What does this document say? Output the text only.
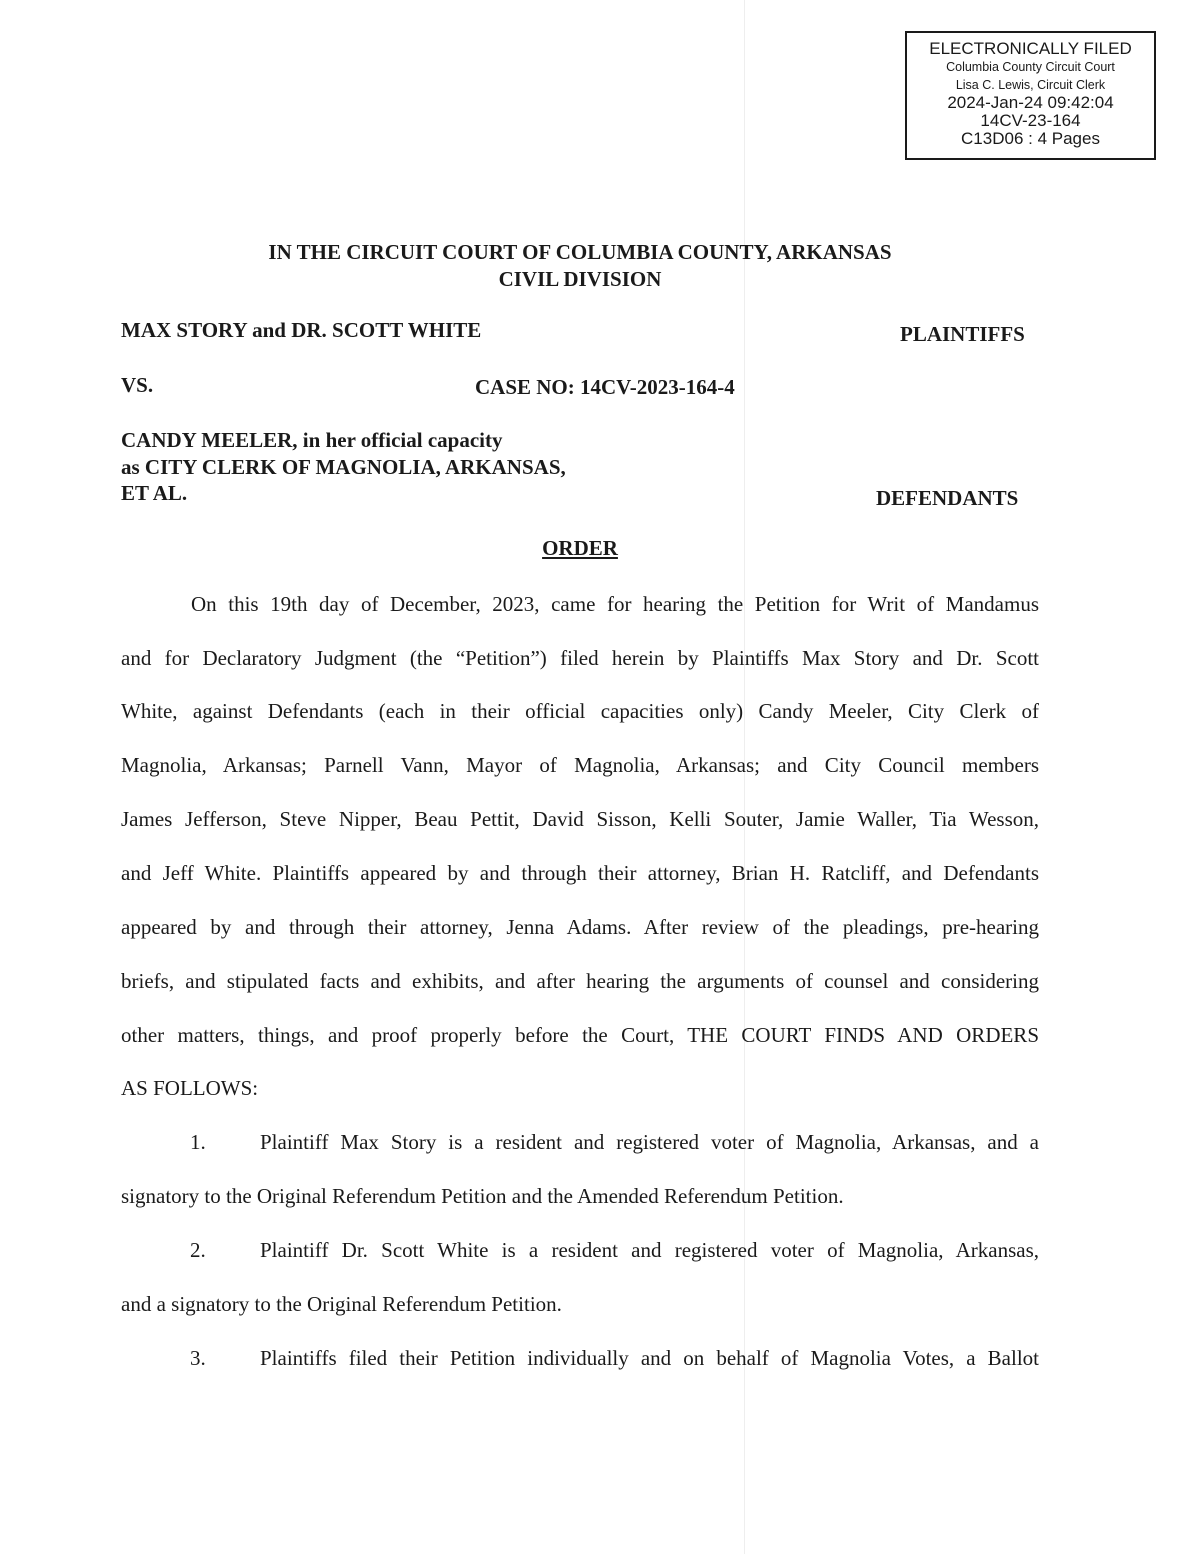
ELECTRONICALLY FILED
Columbia County Circuit Court
Lisa C. Lewis, Circuit Clerk
2024-Jan-24 09:42:04
14CV-23-164
C13D06 : 4 Pages
IN THE CIRCUIT COURT OF COLUMBIA COUNTY, ARKANSAS
CIVIL DIVISION
MAX STORY and DR. SCOTT WHITE	PLAINTIFFS
VS.	CASE NO: 14CV-2023-164-4
CANDY MEELER, in her official capacity
as CITY CLERK OF MAGNOLIA, ARKANSAS,
ET AL.	DEFENDANTS
ORDER
On this 19th day of December, 2023, came for hearing the Petition for Writ of Mandamus
and for Declaratory Judgment (the “Petition”) filed herein by Plaintiffs Max Story and Dr. Scott
White, against Defendants (each in their official capacities only) Candy Meeler, City Clerk of
Magnolia, Arkansas; Parnell Vann, Mayor of Magnolia, Arkansas; and City Council members
James Jefferson, Steve Nipper, Beau Pettit, David Sisson, Kelli Souter, Jamie Waller, Tia Wesson,
and Jeff White. Plaintiffs appeared by and through their attorney, Brian H. Ratcliff, and Defendants
appeared by and through their attorney, Jenna Adams. After review of the pleadings, pre-hearing
briefs, and stipulated facts and exhibits, and after hearing the arguments of counsel and considering
other matters, things, and proof properly before the Court, THE COURT FINDS AND ORDERS
AS FOLLOWS:
1.	Plaintiff Max Story is a resident and registered voter of Magnolia, Arkansas, and a
signatory to the Original Referendum Petition and the Amended Referendum Petition.
2.	Plaintiff Dr. Scott White is a resident and registered voter of Magnolia, Arkansas,
and a signatory to the Original Referendum Petition.
3.	Plaintiffs filed their Petition individually and on behalf of Magnolia Votes, a Ballot
